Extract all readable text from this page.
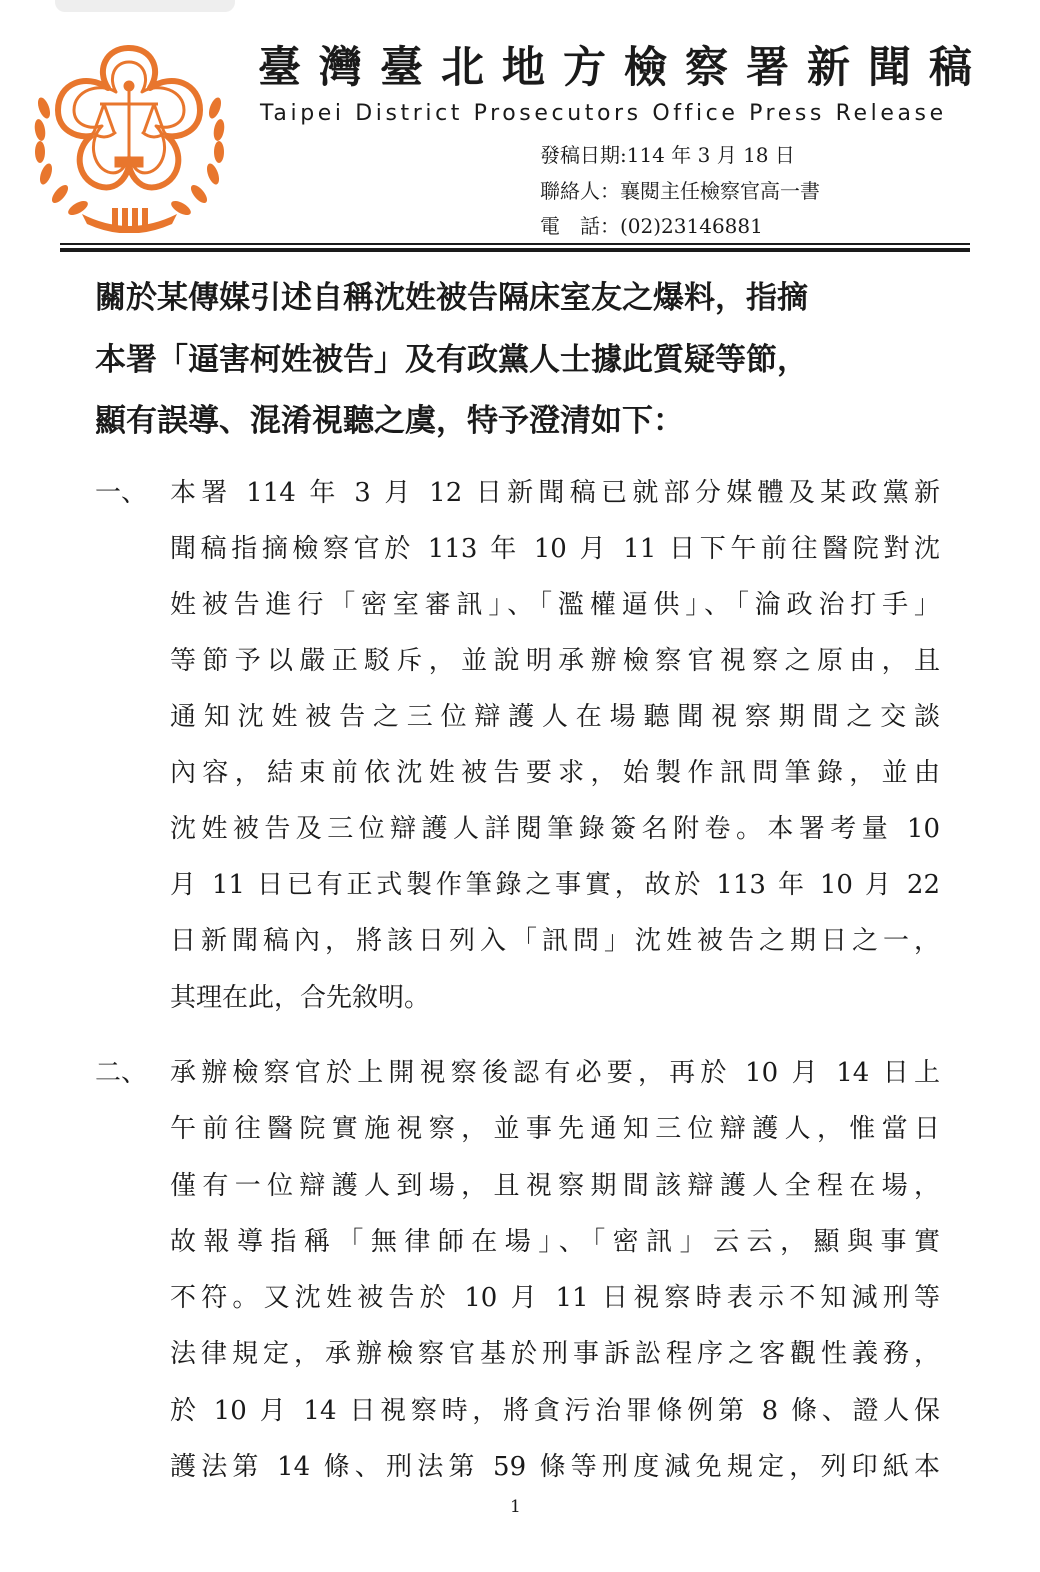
臺灣臺北地方檢察署新聞稿
Taipei District Prosecutors Office Press Release
發稿日期:114 年 3 月 18 日
聯絡人：襄閱主任檢察官高一書
電　話：(02)23146881
關於某傳媒引述自稱沈姓被告隔床室友之爆料，指摘
本署「逼害柯姓被告」及有政黨人士據此質疑等節，
顯有誤導、混淆視聽之虞，特予澄清如下：
一、 本署 114 年 3 月 12 日新聞稿已就部分媒體及某政黨新
聞稿指摘檢察官於 113 年 10 月 11 日下午前往醫院對沈
姓被告進行「密室審訊」、「濫權逼供」、「淪政治打手」
等節予以嚴正駁斥，並說明承辦檢察官視察之原由，且
通知沈姓被告之三位辯護人在場聽聞視察期間之交談
內容，結束前依沈姓被告要求，始製作訊問筆錄，並由
沈姓被告及三位辯護人詳閱筆錄簽名附卷。本署考量 10
月 11 日已有正式製作筆錄之事實，故於 113 年 10 月 22
日新聞稿內，將該日列入「訊問」沈姓被告之期日之一，
其理在此，合先敘明。
二、 承辦檢察官於上開視察後認有必要，再於 10 月 14 日上
午前往醫院實施視察，並事先通知三位辯護人，惟當日
僅有一位辯護人到場，且視察期間該辯護人全程在場，
故報導指稱「無律師在場」、「密訊」云云，顯與事實
不符。又沈姓被告於 10 月 11 日視察時表示不知減刑等
法律規定，承辦檢察官基於刑事訴訟程序之客觀性義務，
於 10 月 14 日視察時，將貪污治罪條例第 8 條、證人保
護法第 14 條、刑法第 59 條等刑度減免規定，列印紙本
1
